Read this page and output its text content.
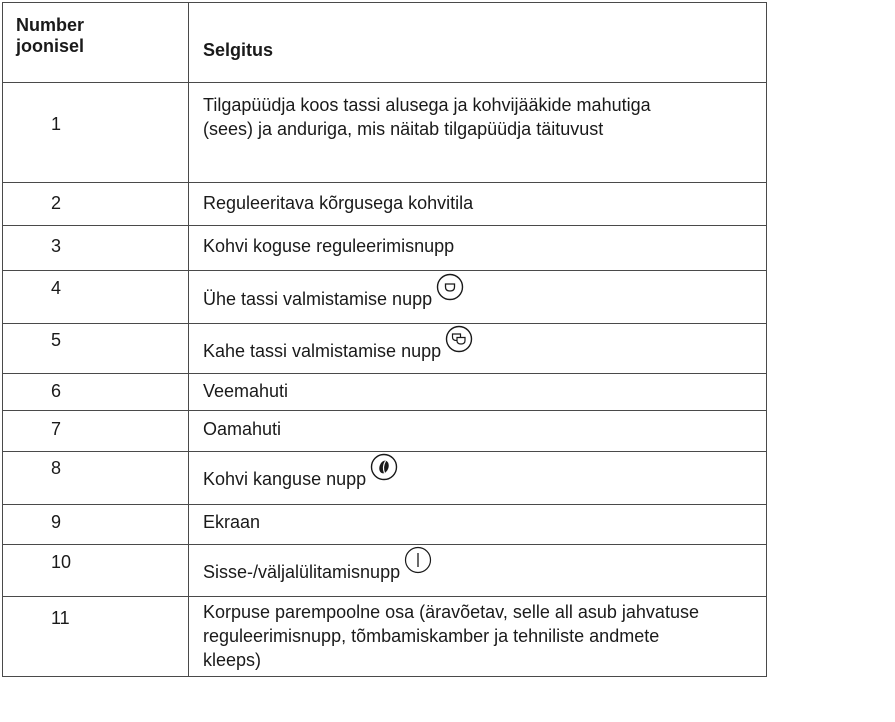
Number
joonisel	Selgitus
1	Tilgapüüdja koos tassi alusega ja kohvijääkide mahutiga
(sees) ja anduriga, mis näitab tilgapüüdja täituvust

2	Reguleeritava kõrgusega kohvitila
3	Kohvi koguse reguleerimisnupp
4	Ühe tassi valmistamise nupp

5	Kahe tassi valmistamise nupp

6	Veemahuti
7	Oamahuti
8	Kohvi kanguse nupp

9	Ekraan
10	Sisse-/väljalülitamisnupp

11	Korpuse parempoolne osa (äravõetav, selle all asub jahvatuse
reguleerimisnupp, tõmbamiskamber ja tehniliste andmete
kleeps)
